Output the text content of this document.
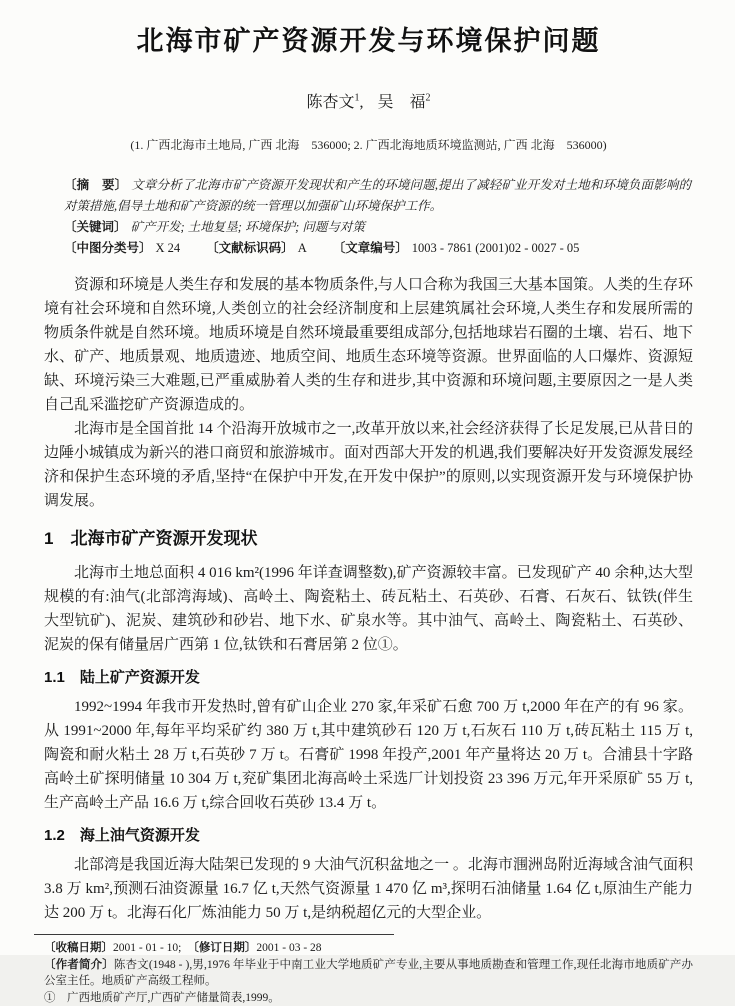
北海市矿产资源开发与环境保护问题
陈杏文$^1$, 吴　福$^2$
(1. 广西北海市土地局, 广西 北海　536000; 2. 广西北海地质环境监测站, 广西 北海　536000)

〔摘　要〕 文章分析了北海市矿产资源开发现状和产生的环境问题,提出了减轻矿业开发对土地和环境负面影响的对策措施,倡导土地和矿产资源的统一管理以加强矿山环境保护工作。

〔关键词〕 矿产开发; 土地复垦; 环境保护; 问题与对策

〔中图分类号〕 X 24 〔文献标识码〕 A 〔文章编号〕 1003 - 7861 (2001)02 - 0027 - 05

资源和环境是人类生存和发展的基本物质条件,与人口合称为我国三大基本国策。人类的生存环境有社会环境和自然环境,人类创立的社会经济制度和上层建筑属社会环境,人类生存和发展所需的物质条件就是自然环境。地质环境是自然环境最重要组成部分,包括地球岩石圈的土壤、岩石、地下水、矿产、地质景观、地质遗迹、地质空间、地质生态环境等资源。世界面临的人口爆炸、资源短缺、环境污染三大难题,已严重威胁着人类的生存和进步,其中资源和环境问题,主要原因之一是人类自己乱采滥挖矿产资源造成的。

北海市是全国首批 14 个沿海开放城市之一,改革开放以来,社会经济获得了长足发展,已从昔日的边陲小城镇成为新兴的港口商贸和旅游城市。面对西部大开发的机遇,我们要解决好开发资源发展经济和保护生态环境的矛盾,坚持“在保护中开发,在开发中保护”的原则,以实现资源开发与环境保护协调发展。

1　北海市矿产资源开发现状

北海市土地总面积 4 016 km²(1996 年详查调整数),矿产资源较丰富。已发现矿产 40 余种,达大型规模的有:油气(北部湾海域)、高岭土、陶瓷粘土、砖瓦粘土、石英砂、石膏、石灰石、钛铁(伴生大型钪矿)、泥炭、建筑砂和砂岩、地下水、矿泉水等。其中油气、高岭土、陶瓷粘土、石英砂、泥炭的保有储量居广西第 1 位,钛铁和石膏居第 2 位①。

1.1　陆上矿产资源开发

1992~1994 年我市开发热时,曾有矿山企业 270 家,年采矿石愈 700 万 t,2000 年在产的有 96 家。从 1991~2000 年,每年平均采矿约 380 万 t,其中建筑砂石 120 万 t,石灰石 110 万 t,砖瓦粘土 115 万 t,陶瓷和耐火粘土 28 万 t,石英砂 7 万 t。石膏矿 1998 年投产,2001 年产量将达 20 万 t。合浦县十字路高岭土矿探明储量 10 304 万 t,兖矿集团北海高岭土采选厂计划投资 23 396 万元,年开采原矿 55 万 t,生产高岭土产品 16.6 万 t,综合回收石英砂 13.4 万 t。

1.2　海上油气资源开发

北部湾是我国近海大陆架已发现的 9 大油气沉积盆地之一 。北海市涠洲岛附近海域含油气面积 3.8 万 km²,预测石油资源量 16.7 亿 t,天然气资源量 1 470 亿 m³,探明石油储量 1.64 亿 t,原油生产能力达 200 万 t。北海石化厂炼油能力 50 万 t,是纳税超亿元的大型企业。

〔收稿日期〕2001 - 01 - 10; 〔修订日期〕2001 - 03 - 28

〔作者简介〕陈杏文(1948 - ),男,1976 年毕业于中南工业大学地质矿产专业,主要从事地质勘查和管理工作,现任北海市地质矿产办公室主任。地质矿产高级工程师。

①　广西地质矿产厅,广西矿产储量简表,1999。
